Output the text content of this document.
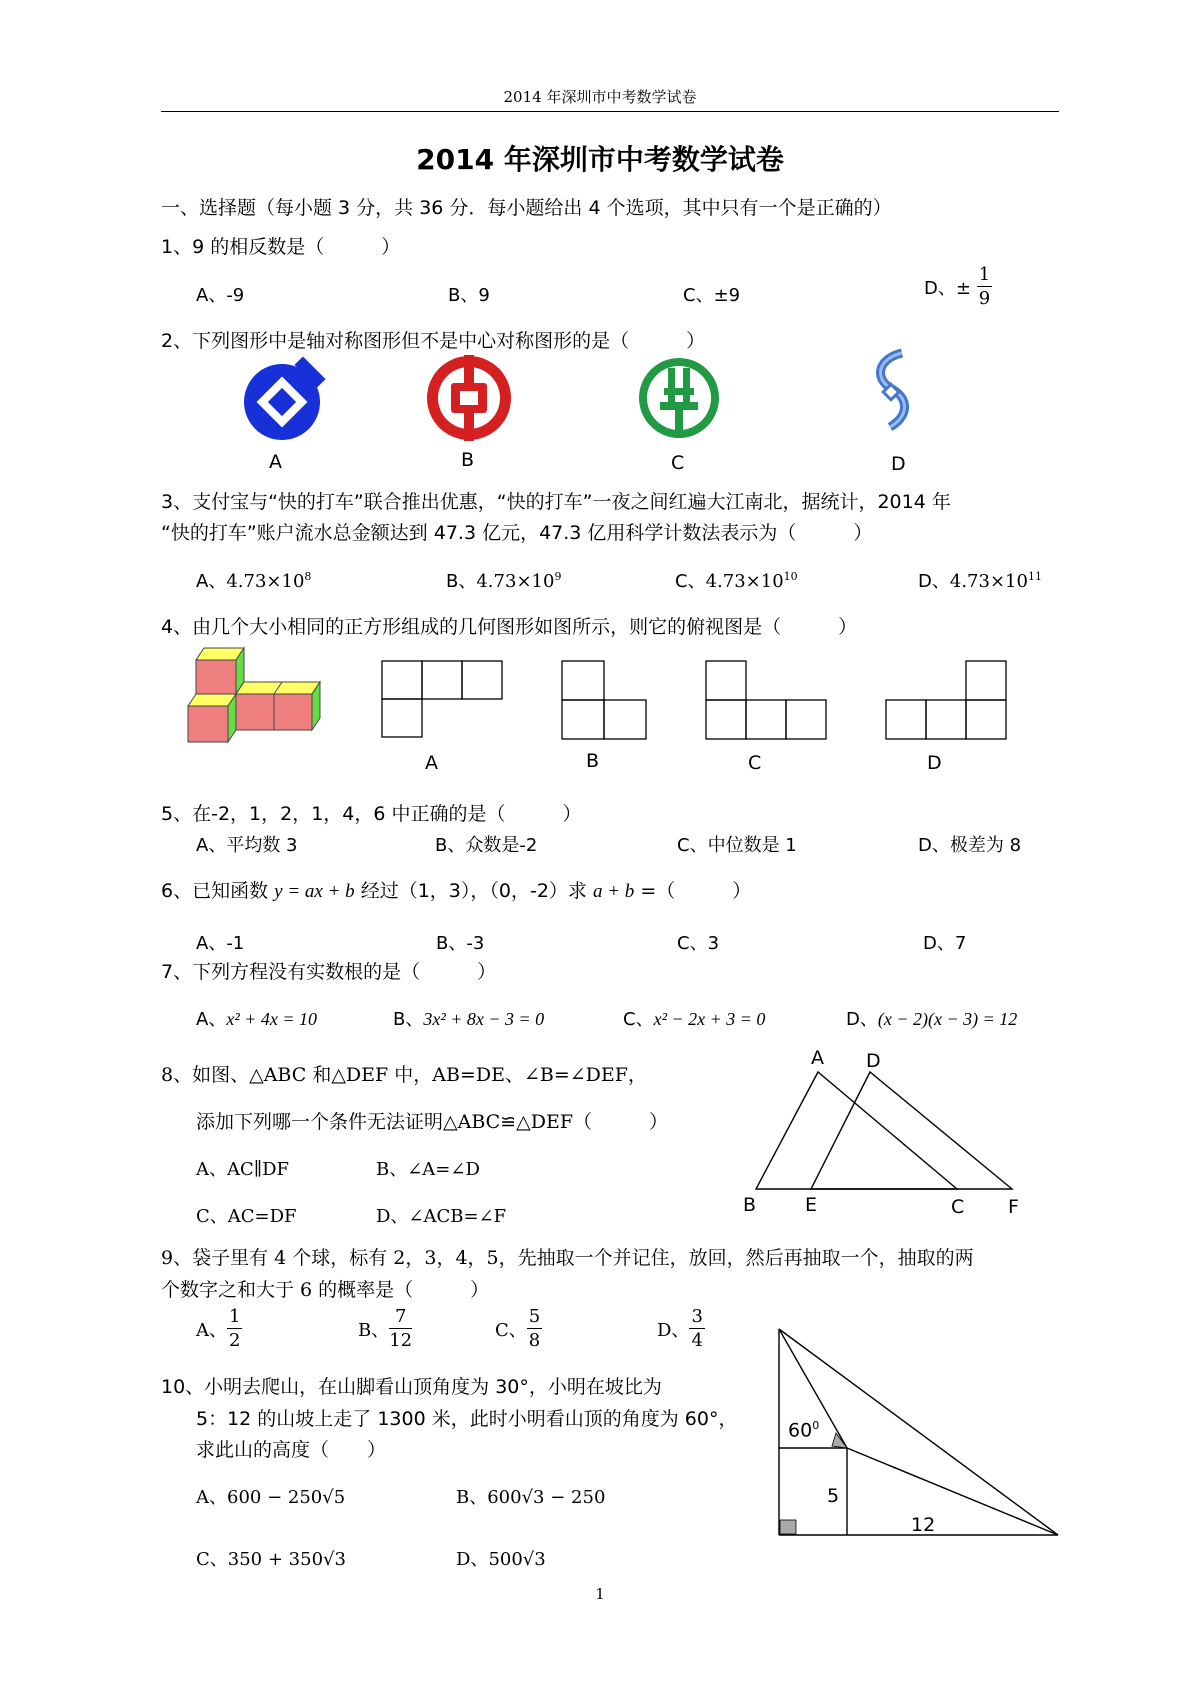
2014 年深圳市中考数学试卷
2014 年深圳市中考数学试卷
一、选择题（每小题 3 分，共 36 分．每小题给出 4 个选项，其中只有一个是正确的）
1、9 的相反数是（　　　）
A、-9	B、9	C、±9	D、± $\frac{1}{9}$
2、下列图形中是轴对称图形但不是中心对称图形的是（　　　）
A	B	C	D
3、支付宝与“快的打车”联合推出优惠，“快的打车”一夜之间红遍大江南北，据统计，2014 年
“快的打车”账户流水总金额达到 47.3 亿元，47.3 亿用科学计数法表示为（　　　）
A、$4.73\times 10^8$	B、$4.73\times 10^9$	C、$4.73\times 10^{10}$	D、$4.73\times 10^{11}$
4、由几个大小相同的正方形组成的几何图形如图所示，则它的俯视图是（　　　）
A	B	C	D
5、在-2，1，2，1，4，6 中正确的是（　　　）
A、平均数 3	B、众数是-2	C、中位数是 1	D、极差为 8
6、已知函数 y = ax + b 经过（1，3），（0，-2）求 a + b =（　　　）
A、-1	B、-3	C、3	D、7
7、下列方程没有实数根的是（　　　）
A、x² + 4x = 10	B、3x² + 8x − 3 = 0	C、x² − 2x + 3 = 0	D、(x − 2)(x − 3) = 12
8、如图、△ABC 和△DEF 中，AB=DE、∠B=∠DEF，
添加下列哪一个条件无法证明△ABC≌△DEF（　　　）
A、AC∥DF	B、∠A=∠D
C、AC=DF	D、∠ACB=∠F
A D
B	E	C F
9、袋子里有 4 个球，标有 2，3，4，5，先抽取一个并记住，放回，然后再抽取一个，抽取的两
个数字之和大于 6 的概率是（　　　）
A、 $\frac{1}{2}$	B、 $\frac{7}{12}$	C、 $\frac{5}{8}$	D、 $\frac{3}{4}$
10、小明去爬山，在山脚看山顶角度为 30°，小明在坡比为
5：12 的山坡上走了 1300 米，此时小明看山顶的角度为 60°，
求此山的高度（　　）
A、600 − 250√5	B、600√3 − 250
C、350 + 350√3	D、500√3
$60^0$
5
12
1
